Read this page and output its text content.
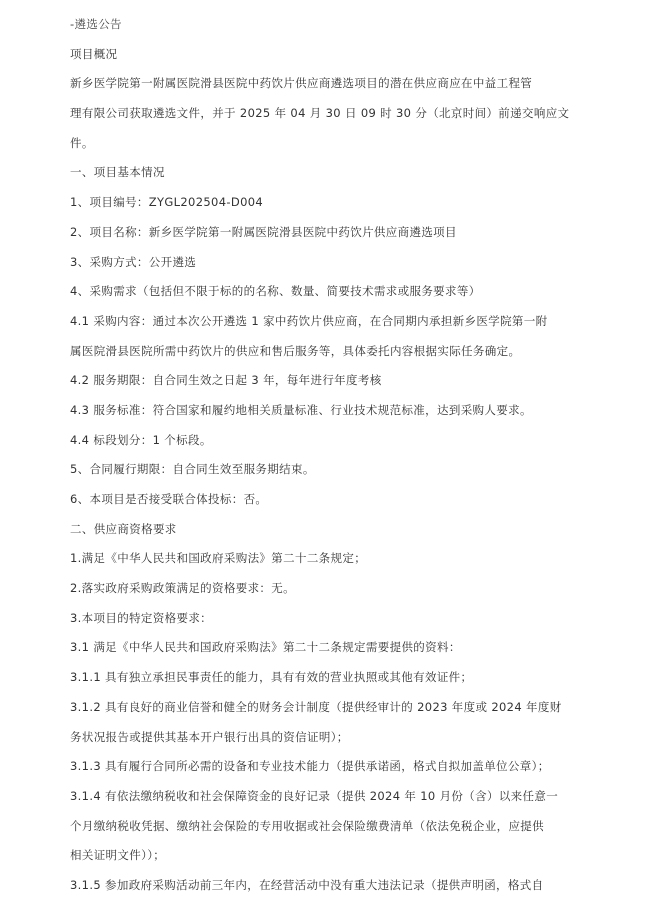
-遴选公告
项目概况
新乡医学院第一附属医院滑县医院中药饮片供应商遴选项目的潜在供应商应在中益工程管
理有限公司获取遴选文件，并于 2025 年 04 月 30 日 09 时 30 分（北京时间）前递交响应文
件。
一、项目基本情况
1、项目编号：ZYGL202504-D004
2、项目名称：新乡医学院第一附属医院滑县医院中药饮片供应商遴选项目
3、采购方式：公开遴选
4、采购需求（包括但不限于标的的名称、数量、简要技术需求或服务要求等）
4.1 采购内容：通过本次公开遴选 1 家中药饮片供应商，在合同期内承担新乡医学院第一附
属医院滑县医院所需中药饮片的供应和售后服务等，具体委托内容根据实际任务确定。
4.2 服务期限：自合同生效之日起 3 年，每年进行年度考核
4.3 服务标准：符合国家和履约地相关质量标准、行业技术规范标准，达到采购人要求。
4.4 标段划分：1 个标段。
5、合同履行期限：自合同生效至服务期结束。
6、本项目是否接受联合体投标：否。
二、供应商资格要求
1.满足《中华人民共和国政府采购法》第二十二条规定；
2.落实政府采购政策满足的资格要求：无。
3.本项目的特定资格要求：
3.1 满足《中华人民共和国政府采购法》第二十二条规定需要提供的资料：
3.1.1 具有独立承担民事责任的能力，具有有效的营业执照或其他有效证件；
3.1.2 具有良好的商业信誉和健全的财务会计制度（提供经审计的 2023 年度或 2024 年度财
务状况报告或提供其基本开户银行出具的资信证明）；
3.1.3 具有履行合同所必需的设备和专业技术能力（提供承诺函，格式自拟加盖单位公章）；
3.1.4 有依法缴纳税收和社会保障资金的良好记录（提供 2024 年 10 月份（含）以来任意一
个月缴纳税收凭据、缴纳社会保险的专用收据或社会保险缴费清单（依法免税企业，应提供
相关证明文件））；
3.1.5 参加政府采购活动前三年内，在经营活动中没有重大违法记录（提供声明函，格式自
